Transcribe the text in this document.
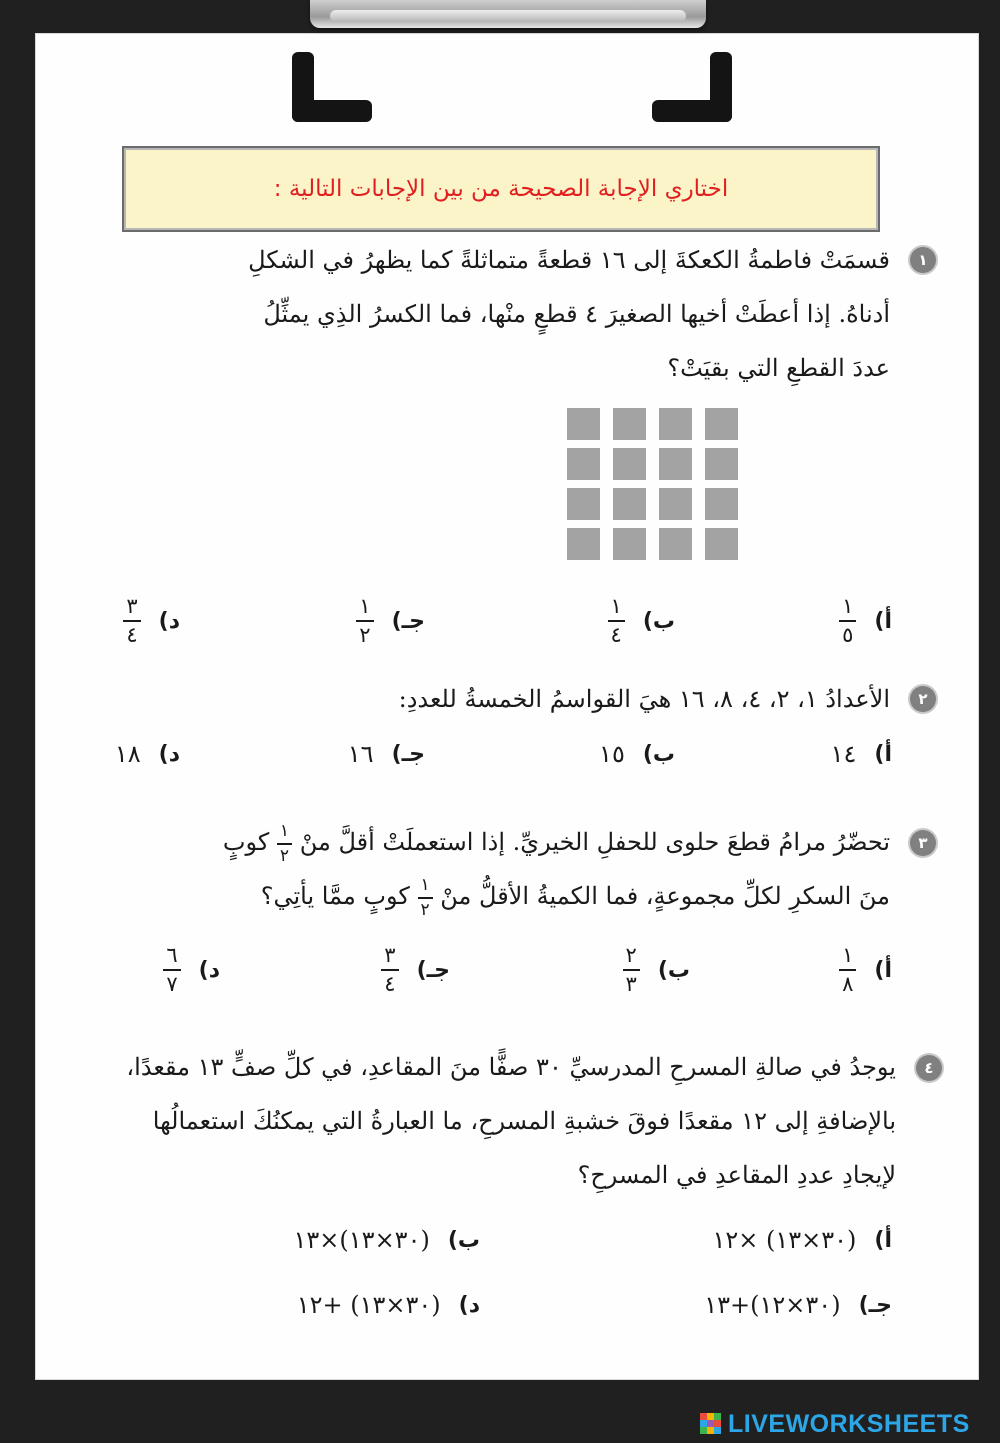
اختاري الإجابة الصحيحة من بين الإجابات التالية :
١
قسمَتْ فاطمةُ الكعكةَ إلى ١٦ قطعةً متماثلةً كما يظهرُ في الشكلِ
أدناهُ. إذا أعطَتْ أخيها الصغيرَ ٤ قطعٍ منْها، فما الكسرُ الذِي يمثِّلُ
عددَ القطعِ التي بقيَتْ؟
أ)
$\frac{١}{٥}$
ب)
$\frac{١}{٤}$
جـ)
$\frac{١}{٢}$
د)
$\frac{٣}{٤}$
٢
الأعدادُ ١، ٢، ٤، ٨، ١٦ هيَ القواسمُ الخمسةُ للعددِ:
أ)
١٤
ب)
١٥
جـ)
١٦
د)
١٨
٣
تحضّرُ مرامُ قطعَ حلوى للحفلِ الخيريِّ. إذا استعملَتْ أقلَّ منْ
$\frac{١}{٢}$
كوبٍ
منَ السكرِ لكلِّ مجموعةٍ، فما الكميةُ الأقلُّ منْ
$\frac{١}{٢}$
كوبٍ ممَّا يأتِي؟
أ)
$\frac{١}{٨}$
ب)
$\frac{٢}{٣}$
جـ)
$\frac{٣}{٤}$
د)
$\frac{٦}{٧}$
٤
يوجدُ في صالةِ المسرحِ المدرسيِّ ٣٠ صفًّا منَ المقاعدِ، في كلِّ صفٍّ ١٣ مقعدًا،
بالإضافةِ إلى ١٢ مقعدًا فوقَ خشبةِ المسرحِ، ما العبارةُ التي يمكنُكَ استعمالُها
لإيجادِ عددِ المقاعدِ في المسرحِ؟
أ)
(٣٠×١٣) ×١٢
ب)
(٣٠×١٣)×١٣
جـ)
(٣٠×١٢)+١٣
د)
(٣٠×١٣) +١٢
LIVEWORKSHEETS
